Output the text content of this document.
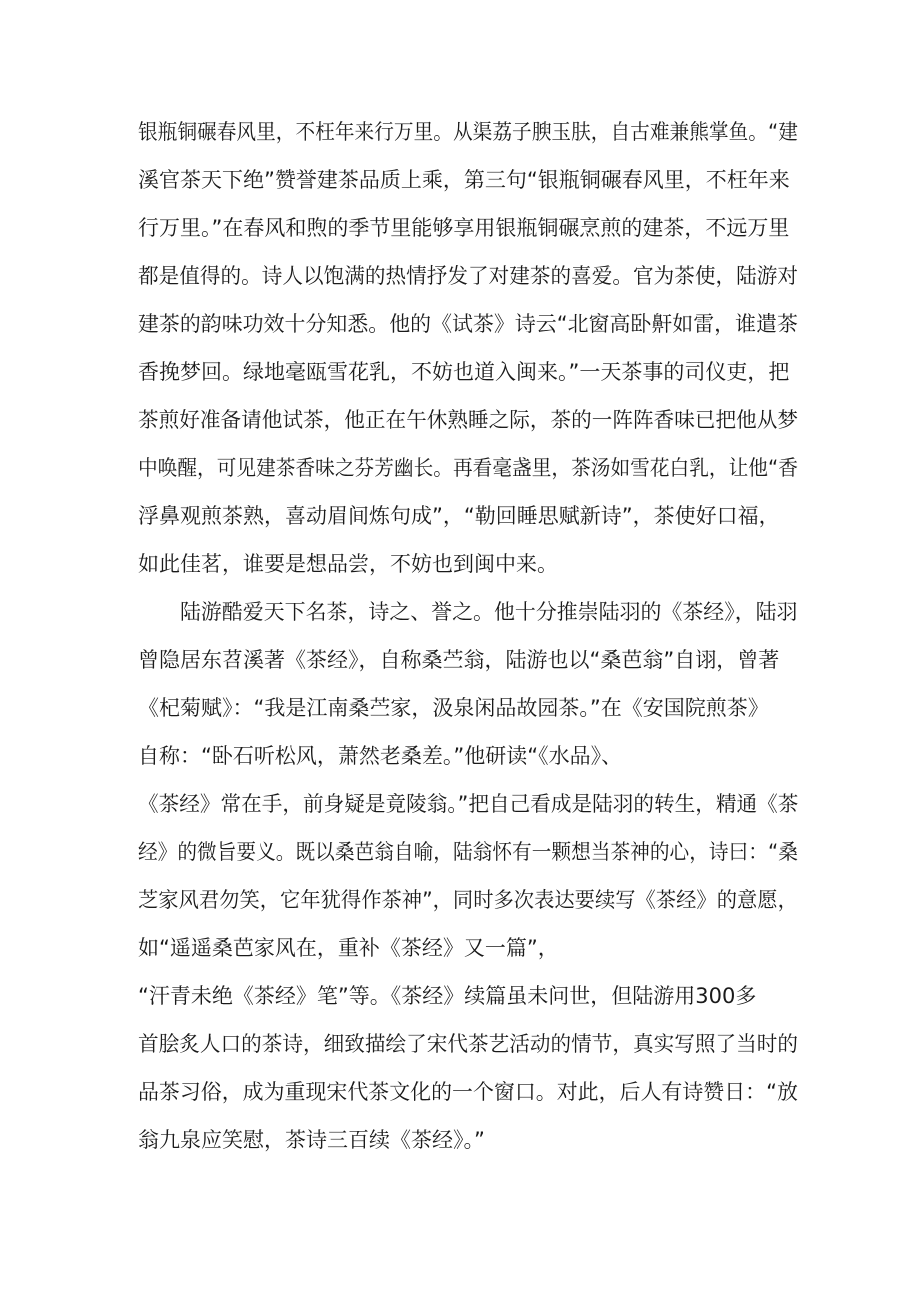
银瓶铜碾春风里，不枉年来行万里。从渠荔子腴玉肤，自古难兼熊掌鱼。“建
溪官茶天下绝”赞誉建茶品质上乘，第三句“银瓶铜碾春风里，不枉年来
行万里。”在春风和煦的季节里能够享用银瓶铜碾烹煎的建茶，不远万里
都是值得的。诗人以饱满的热情抒发了对建茶的喜爱。官为茶使，陆游对
建茶的韵味功效十分知悉。他的《试茶》诗云“北窗高卧鼾如雷，谁遣茶
香挽梦回。绿地毫瓯雪花乳，不妨也道入闽来。”一天茶事的司仪吏，把
茶煎好准备请他试茶，他正在午休熟睡之际，茶的一阵阵香味已把他从梦
中唤醒，可见建茶香味之芬芳幽长。再看毫盏里，茶汤如雪花白乳，让他“香
浮鼻观煎茶熟，喜动眉间炼句成”，“勒回睡思赋新诗”，茶使好口福，
如此佳茗，谁要是想品尝，不妨也到闽中来。
陆游酷爱天下名茶，诗之、誉之。他十分推崇陆羽的《茶经》，陆羽
曾隐居东苕溪著《茶经》，自称桑苎翁，陆游也以“桑芭翁”自诩，曾著
《杞菊赋》：“我是江南桑苎家，汲泉闲品故园茶。”在《安国院煎茶》
自称：“卧石听松风，萧然老桑差。”他研读“《水品》、
《茶经》常在手，前身疑是竟陵翁。”把自己看成是陆羽的转生，精通《茶
经》的微旨要义。既以桑芭翁自喻，陆翁怀有一颗想当茶神的心，诗曰：“桑
芝家风君勿笑，它年犹得作茶神”，同时多次表达要续写《茶经》的意愿，
如“遥遥桑芭家风在，重补《茶经》又一篇”，
“汗青未绝《茶经》笔”等。《茶经》续篇虽未问世，但陆游用300多
首脍炙人口的茶诗，细致描绘了宋代茶艺活动的情节，真实写照了当时的
品茶习俗，成为重现宋代茶文化的一个窗口。对此，后人有诗赞日：“放
翁九泉应笑慰，茶诗三百续《茶经》。”
